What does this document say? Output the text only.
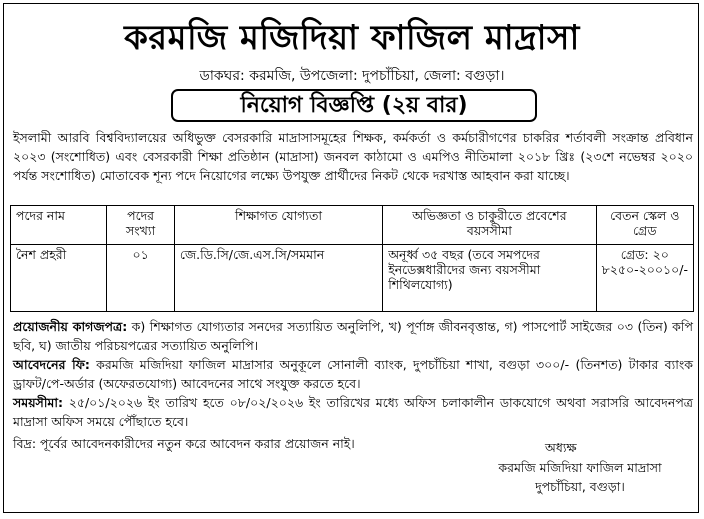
করমজি মজিদিয়া ফাজিল মাদ্রাসা
ডাকঘর: করমজি, উপজেলা: দুপচাঁচিয়া, জেলা: বগুড়া।
নিয়োগ বিজ্ঞপ্তি (২য় বার)
ইসলামী আরবি বিশ্ববিদ্যালয়ের অধিভুক্ত বেসরকারি মাদ্রাসাসমূহের শিক্ষক, কর্মকর্তা ও কর্মচারীগণের চাকরির শর্তাবলী সংক্রান্ত প্রবিধান ২০২৩ (সংশোধিত) এবং বেসরকারী শিক্ষা প্রতিষ্ঠান (মাদ্রাসা) জনবল কাঠামো ও এমপিও নীতিমালা ২০১৮ খ্রিঃ (২৩শে নভেম্বর ২০২০ পর্যন্ত সংশোধিত) মোতাবেক শূন্য পদে নিয়োগের লক্ষ্যে উপযুক্ত প্রার্থীদের নিকট থেকে দরখাস্ত আহবান করা যাচ্ছে।
পদের নাম	পদের সংখ্যা	শিক্ষাগত যোগ্যতা	অভিজ্ঞতা ও চাকুরীতে প্রবেশের বয়সসীমা	বেতন স্কেল ও গ্রেড
নৈশ প্রহরী	০১	জে.ডি.সি/জে.এস.সি/সমমান	অনূর্ধ্ব ৩৫ বছর (তবে সমপদের ইনডেক্সধারীদের জন্য বয়সসীমা শিথিলযোগ্য)	গ্রেড: ২০
৮২৫০-২০০১০/-

প্রয়োজনীয় কাগজপত্র: ক) শিক্ষাগত যোগ্যতার সনদের সত্যায়িত অনুলিপি, খ) পূর্ণাঙ্গ জীবনবৃত্তান্ত, গ) পাসপোর্ট সাইজের ০৩ (তিন) কপি ছবি, ঘ) জাতীয় পরিচয়পত্রের সত্যায়িত অনুলিপি।

আবেদনের ফি: করমজি মজিদিয়া ফাজিল মাদ্রাসার অনুকূলে সোনালী ব্যাংক, দুপচাঁচিয়া শাখা, বগুড়া ৩০০/- (তিনশত) টাকার ব্যাংক ড্রাফট/পে-অর্ডার (অফেরতযোগ্য) আবেদনের সাথে সংযুক্ত করতে হবে।

সময়সীমা: ২৫/০১/২০২৬ ইং তারিখ হতে ০৮/০২/২০২৬ ইং তারিখের মধ্যে অফিস চলাকালীন ডাকযোগে অথবা সরাসরি আবেদনপত্র মাদ্রাসা অফিস সময়ে পৌঁছাতে হবে।

বিদ্র: পূর্বের আবেদনকারীদের নতুন করে আবেদন করার প্রয়োজন নাই।	অধ্যক্ষ
করমজি মজিদিয়া ফাজিল মাদ্রাসা
দুপচাঁচিয়া, বগুড়া।
